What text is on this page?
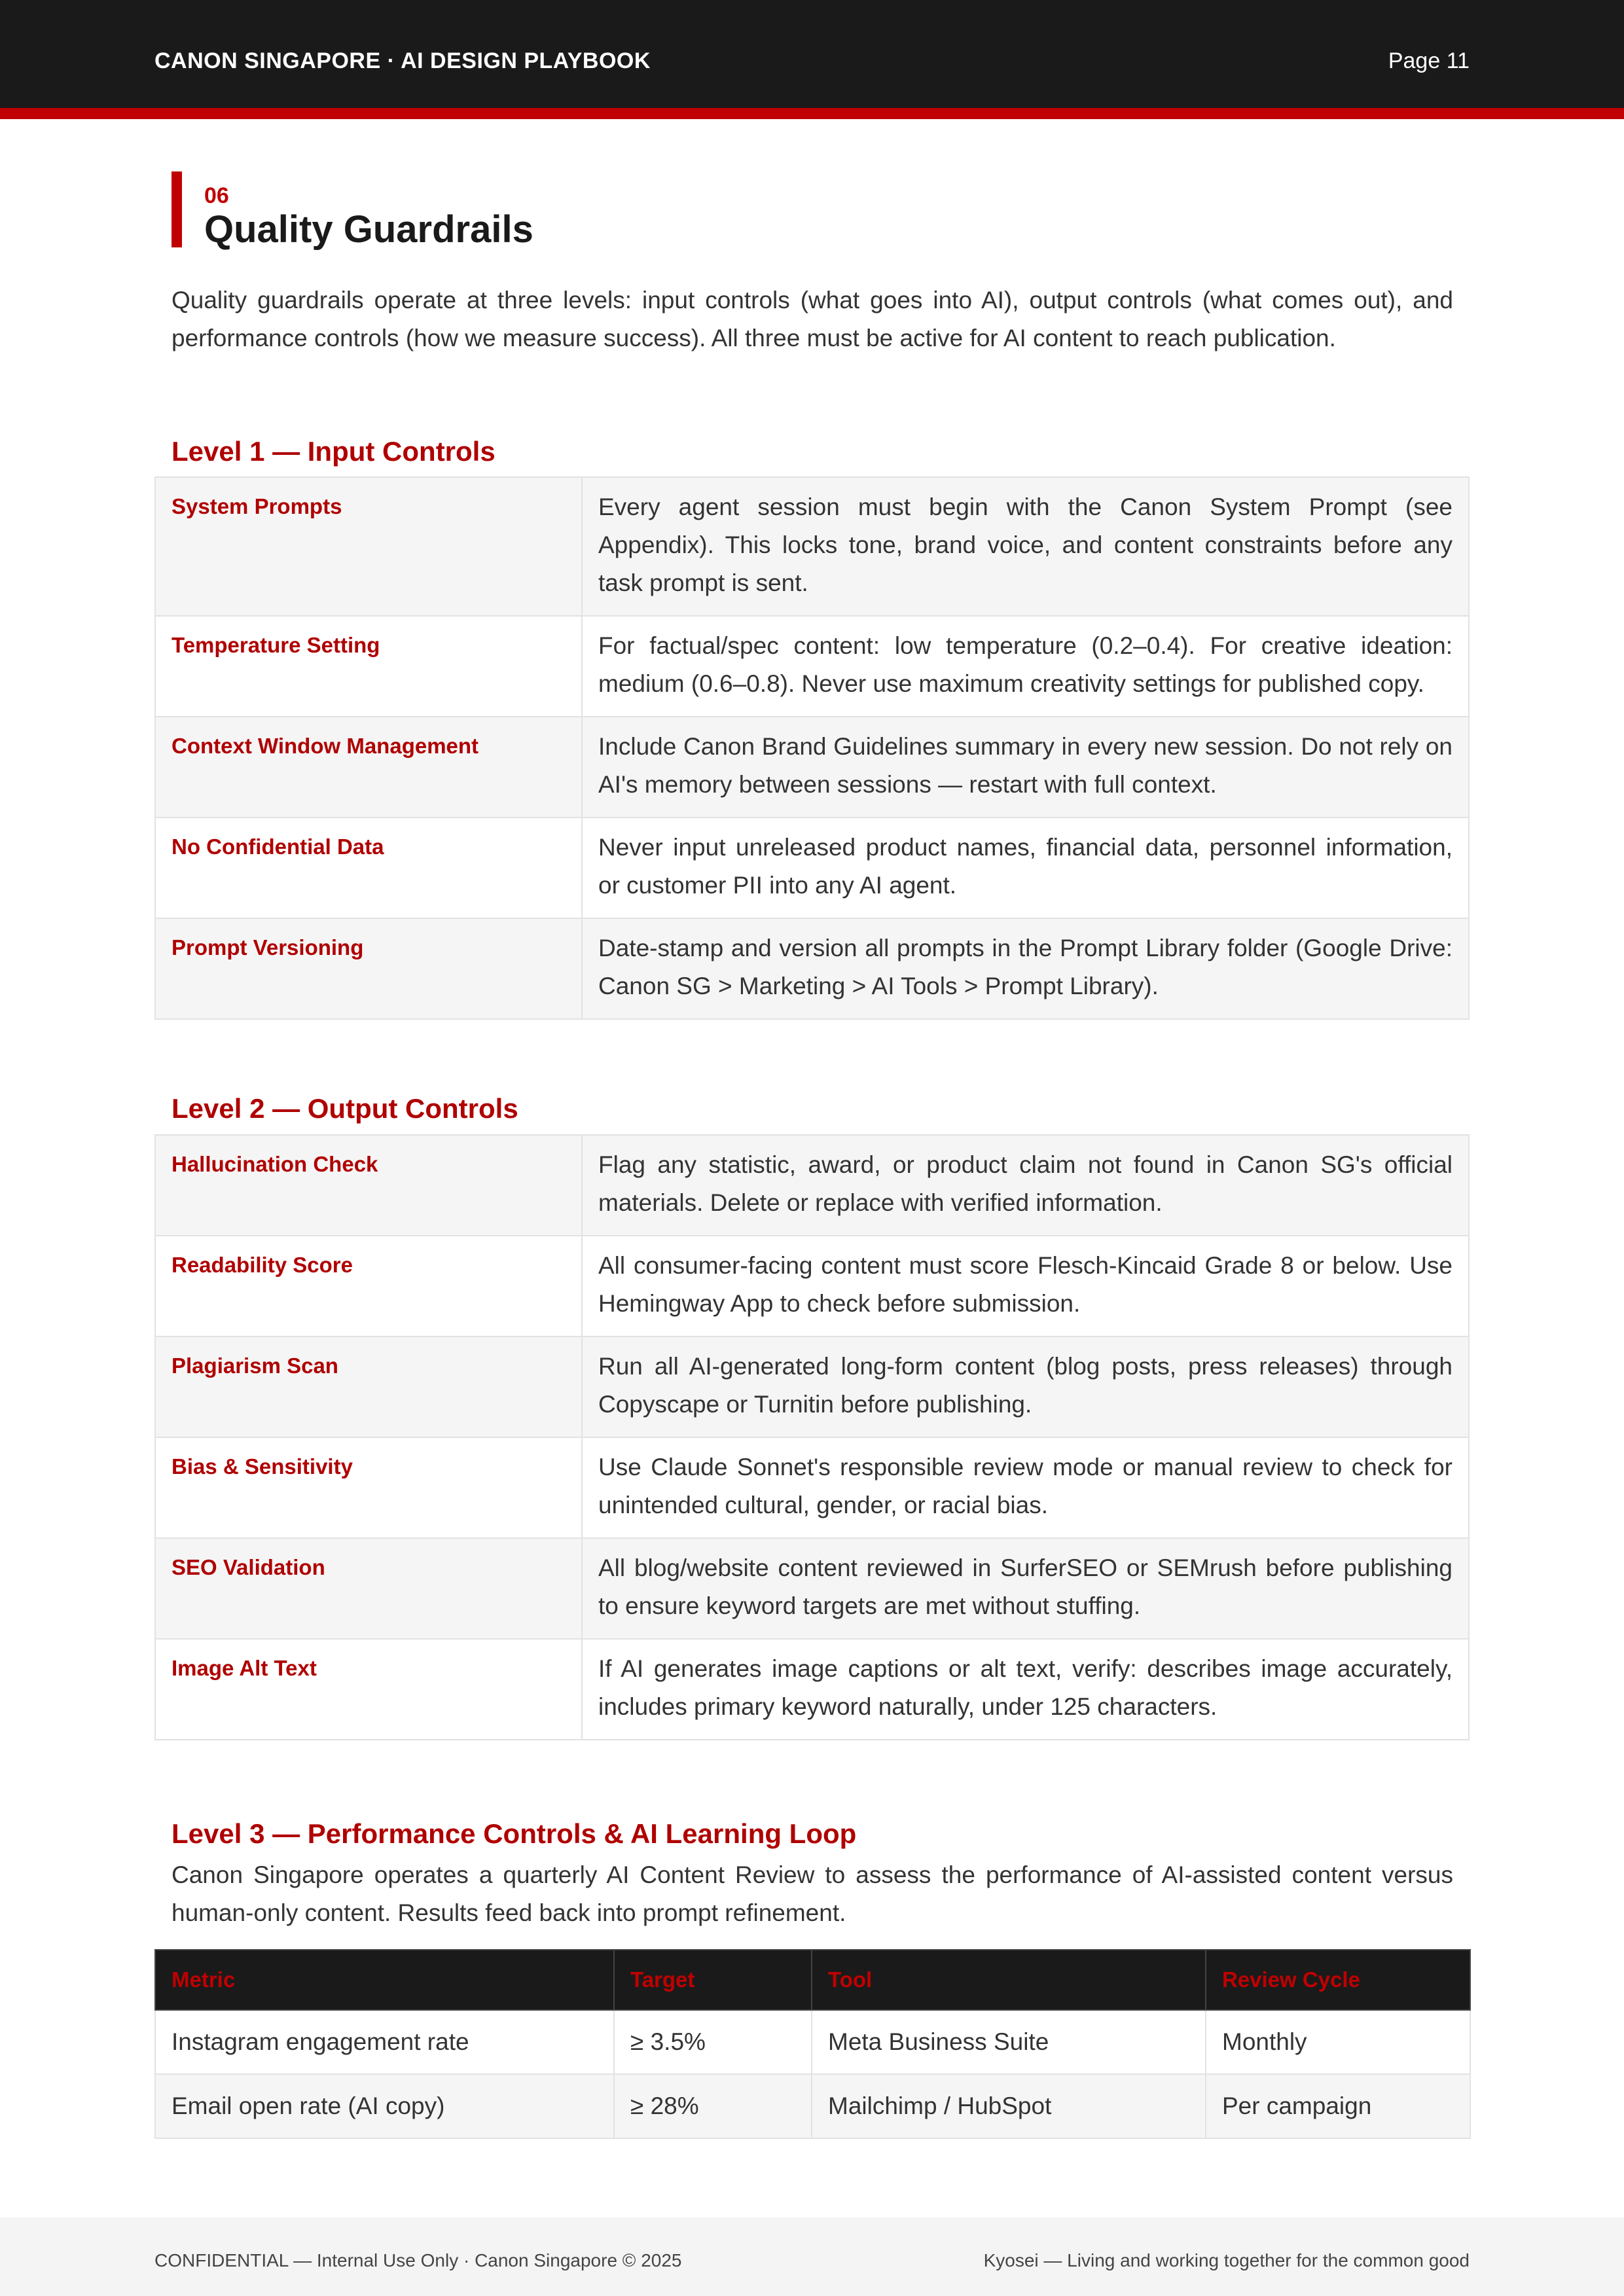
CANON SINGAPORE · AI DESIGN PLAYBOOK	Page 11
06
Quality Guardrails
Quality guardrails operate at three levels: input controls (what goes into AI), output controls (what comes out), and performance controls (how we measure success). All three must be active for AI content to reach publication.
Level 1 — Input Controls
System Prompts	Every agent session must begin with the Canon System Prompt (see Appendix). This locks tone, brand voice, and content constraints before any task prompt is sent.
Temperature Setting	For factual/spec content: low temperature (0.2–0.4). For creative ideation: medium (0.6–0.8). Never use maximum creativity settings for published copy.
Context Window Management	Include Canon Brand Guidelines summary in every new session. Do not rely on AI's memory between sessions — restart with full context.
No Confidential Data	Never input unreleased product names, financial data, personnel information, or customer PII into any AI agent.
Prompt Versioning	Date-stamp and version all prompts in the Prompt Library folder (Google Drive: Canon SG > Marketing > AI Tools > Prompt Library).
Level 2 — Output Controls
Hallucination Check	Flag any statistic, award, or product claim not found in Canon SG's official materials. Delete or replace with verified information.
Readability Score	All consumer-facing content must score Flesch-Kincaid Grade 8 or below. Use Hemingway App to check before submission.
Plagiarism Scan	Run all AI-generated long-form content (blog posts, press releases) through Copyscape or Turnitin before publishing.
Bias & Sensitivity	Use Claude Sonnet's responsible review mode or manual review to check for unintended cultural, gender, or racial bias.
SEO Validation	All blog/website content reviewed in SurferSEO or SEMrush before publishing to ensure keyword targets are met without stuffing.
Image Alt Text	If AI generates image captions or alt text, verify: describes image accurately, includes primary keyword naturally, under 125 characters.
Level 3 — Performance Controls & AI Learning Loop
Canon Singapore operates a quarterly AI Content Review to assess the performance of AI-assisted content versus human-only content. Results feed back into prompt refinement.
Metric	Target	Tool	Review Cycle
Instagram engagement rate	≥ 3.5%	Meta Business Suite	Monthly
Email open rate (AI copy)	≥ 28%	Mailchimp / HubSpot	Per campaign
CONFIDENTIAL — Internal Use Only · Canon Singapore © 2025	Kyosei — Living and working together for the common good
